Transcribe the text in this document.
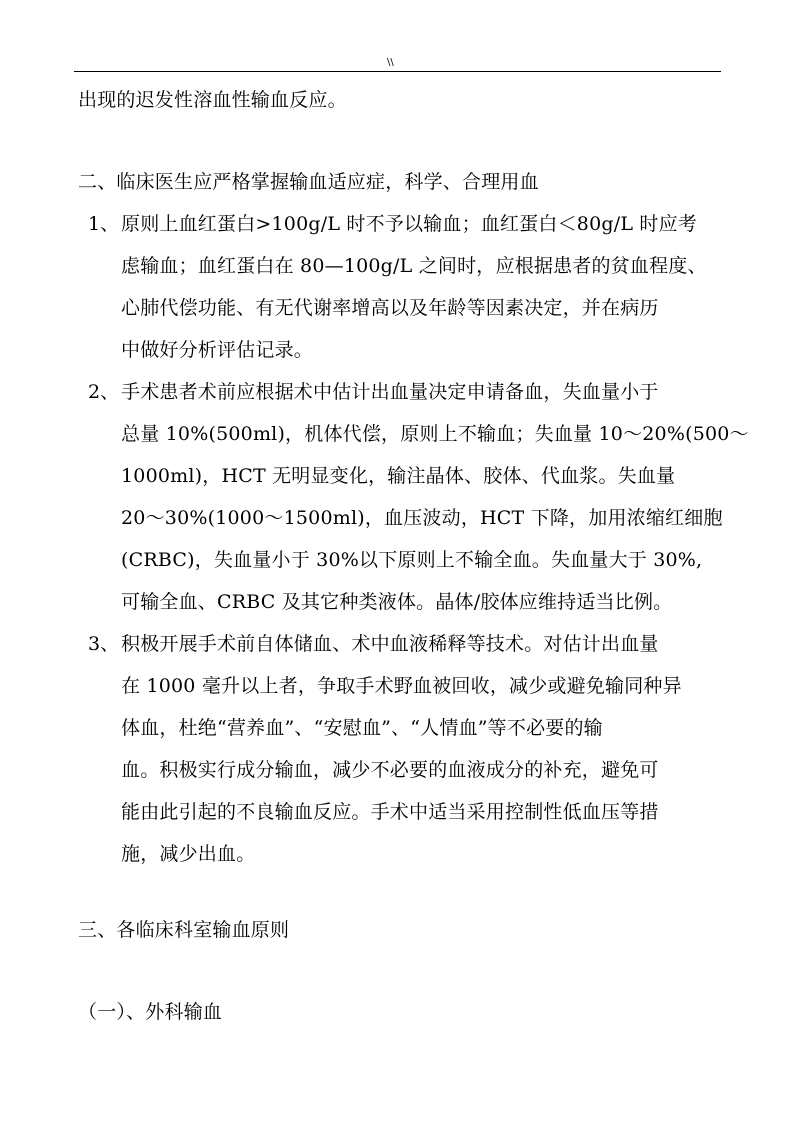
\\
出现的迟发性溶血性输血反应。
二、临床医生应严格掌握输血适应症，科学、合理用血
1、 原则上血红蛋白>100g/L 时不予以输血；血红蛋白＜80g/L 时应考
虑输血；血红蛋白在 80—100g/L 之间时，应根据患者的贫血程度、
心肺代偿功能、有无代谢率增高以及年龄等因素决定，并在病历
中做好分析评估记录。
2、 手术患者术前应根据术中估计出血量决定申请备血，失血量小于
总量 10%(500ml)，机体代偿，原则上不输血；失血量 10～20%(500～
1000ml)，HCT 无明显变化，输注晶体、胶体、代血浆。失血量
20～30%(1000～1500ml)，血压波动，HCT 下降，加用浓缩红细胞
(CRBC)，失血量小于 30%以下原则上不输全血。失血量大于 30%,
可输全血、CRBC 及其它种类液体。晶体/胶体应维持适当比例。
3、 积极开展手术前自体储血、术中血液稀释等技术。对估计出血量
在 1000 毫升以上者，争取手术野血被回收，减少或避免输同种异
体血，杜绝“营养血”、“安慰血”、“人情血”等不必要的输
血。积极实行成分输血，减少不必要的血液成分的补充，避免可
能由此引起的不良输血反应。手术中适当采用控制性低血压等措
施，减少出血。
三、各临床科室输血原则
（一）、外科输血
